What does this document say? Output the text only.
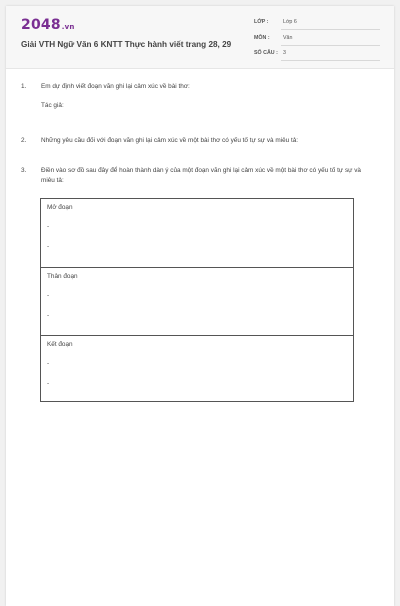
2048.vn
Giải VTH Ngữ Văn 6 KNTT Thực hành viết trang 28, 29
LỚP :	Lớp 6
MÔN :	Văn
SỐ CÂU : 3
1. Em dự định viết đoạn văn ghi lại cảm xúc về bài thơ:
Tác giả:
2. Những yêu cầu đối với đoạn văn ghi lại cảm xúc về một bài thơ có yếu tố tự sự và miêu tả:
3. Điền vào sơ đồ sau đây để hoàn thành dàn ý của một đoạn văn ghi lại cảm xúc về một bài thơ có yếu tố tự sự và miêu tả:
Mở đoạn
-
-
Thân đoạn
-
-
Kết đoạn
-
-
